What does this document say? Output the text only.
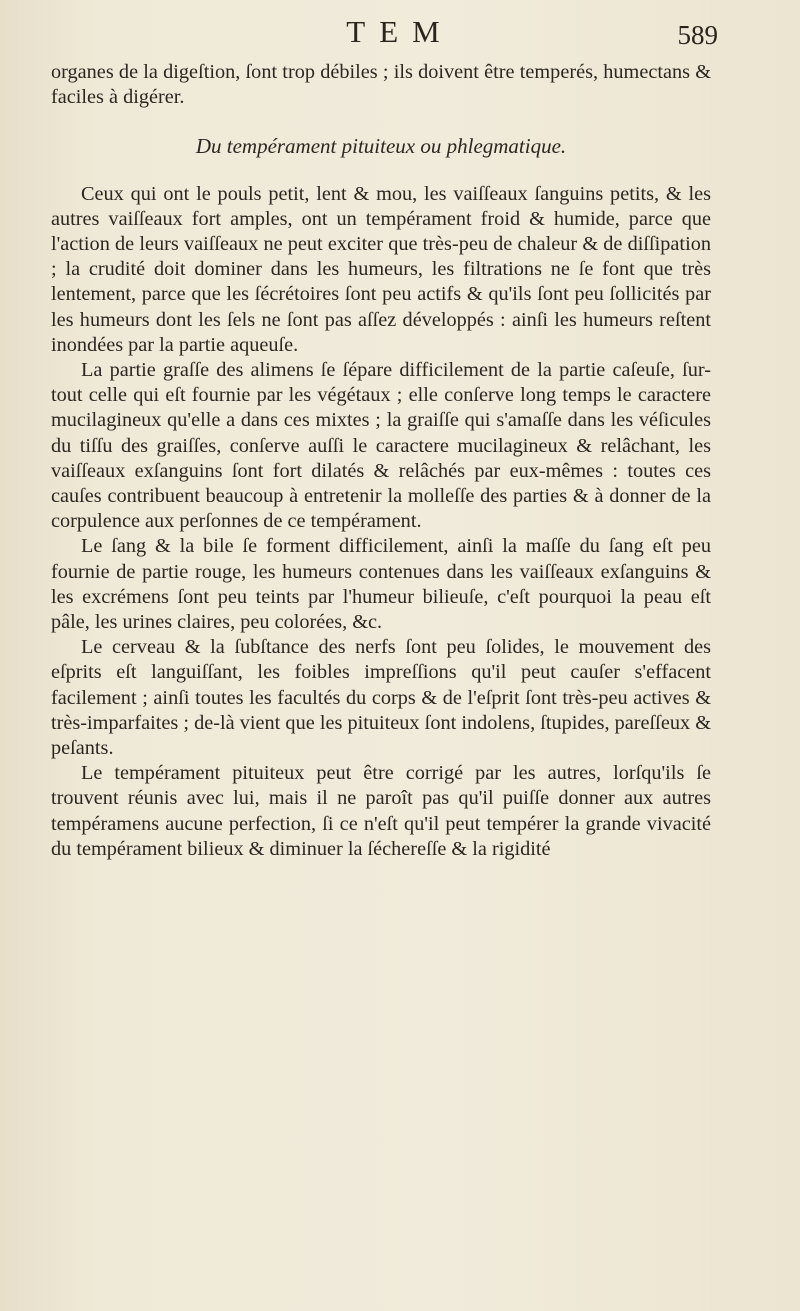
TEM	589

organes de la digeſtion, ſont trop débiles ; ils doivent être temperés, humectans & faciles à digérer.

Du tempérament pituiteux ou phlegmatique.

Ceux qui ont le pouls petit, lent & mou, les vaiſſeaux ſanguins petits, & les autres vaiſſeaux fort amples, ont un tempérament froid & humide, parce que l'action de leurs vaiſſeaux ne peut exciter que très-peu de chaleur & de diſſipation ; la crudité doit dominer dans les humeurs, les filtrations ne ſe font que très lentement, parce que les ſécrétoires ſont peu actifs & qu'ils ſont peu ſollicités par les humeurs dont les ſels ne ſont pas aſſez développés : ainſi les humeurs reſtent inondées par la partie aqueuſe.

La partie graſſe des alimens ſe ſépare difficilement de la partie caſeuſe, ſur-tout celle qui eſt fournie par les végétaux ; elle conſerve long temps le caractere mucilagineux qu'elle a dans ces mixtes ; la graiſſe qui s'amaſſe dans les véſicules du tiſſu des graiſſes, conſerve auſſi le caractere mucilagineux & relâchant, les vaiſſeaux exſanguins ſont fort dilatés & relâchés par eux-mêmes : toutes ces cauſes contribuent beaucoup à entretenir la molleſſe des parties & à donner de la corpulence aux perſonnes de ce tempérament.

Le ſang & la bile ſe forment difficilement, ainſi la maſſe du ſang eſt peu fournie de partie rouge, les humeurs contenues dans les vaiſſeaux exſanguins & les excrémens ſont peu teints par l'humeur bilieuſe, c'eſt pourquoi la peau eſt pâle, les urines claires, peu colorées, &c.

Le cerveau & la ſubſtance des nerfs ſont peu ſolides, le mouvement des eſprits eſt languiſſant, les foibles impreſſions qu'il peut cauſer s'effacent facilement ; ainſi toutes les facultés du corps & de l'eſprit ſont très-peu actives & très-imparfaites ; de-là vient que les pituiteux ſont indolens, ſtupides, pareſſeux & peſants.

Le tempérament pituiteux peut être corrigé par les autres, lorſqu'ils ſe trouvent réunis avec lui, mais il ne paroît pas qu'il puiſſe donner aux autres tempéramens aucune perfection, ſi ce n'eſt qu'il peut tempérer la grande vivacité du tempérament bilieux & diminuer la ſéchereſſe & la rigidité
